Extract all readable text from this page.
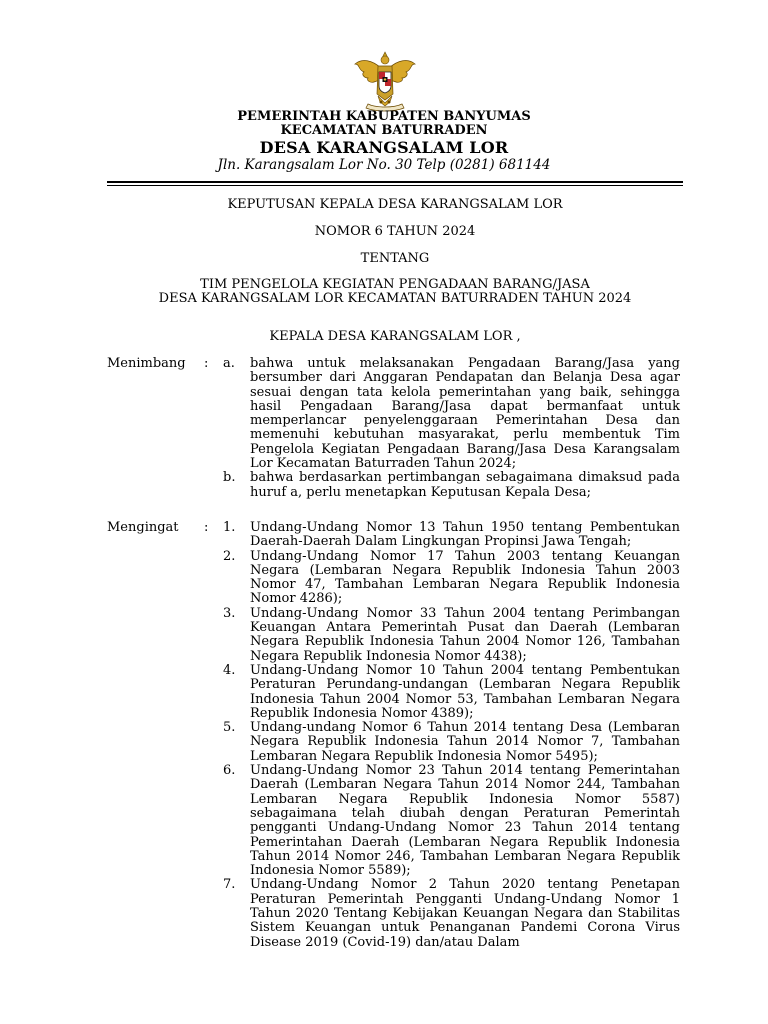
PEMERINTAH KABUPATEN BANYUMAS
KECAMATAN BATURRADEN
DESA KARANGSALAM LOR
Jln. Karangsalam Lor No. 30 Telp (0281) 681144
KEPUTUSAN KEPALA DESA KARANGSALAM LOR
NOMOR 6 TAHUN 2024
TENTANG
TIM PENGELOLA KEGIATAN PENGADAAN BARANG/JASA
DESA KARANGSALAM LOR KECAMATAN BATURRADEN TAHUN 2024
KEPALA DESA KARANGSALAM LOR ,
Menimbang : a. bahwa untuk melaksanakan Pengadaan Barang/Jasa yang bersumber dari Anggaran Pendapatan dan Belanja Desa agar sesuai dengan tata kelola pemerintahan yang baik, sehingga hasil Pengadaan Barang/Jasa dapat bermanfaat untuk memperlancar penyelenggaraan Pemerintahan Desa dan memenuhi kebutuhan masyarakat, perlu membentuk Tim Pengelola Kegiatan Pengadaan Barang/Jasa Desa Karangsalam Lor Kecamatan Baturraden Tahun 2024;
b. bahwa berdasarkan pertimbangan sebagaimana dimaksud pada huruf a, perlu menetapkan Keputusan Kepala Desa;
Mengingat : 1. Undang-Undang Nomor 13 Tahun 1950 tentang Pembentukan Daerah-Daerah Dalam Lingkungan Propinsi Jawa Tengah;
2. Undang-Undang Nomor 17 Tahun 2003 tentang Keuangan Negara (Lembaran Negara Republik Indonesia Tahun 2003 Nomor 47, Tambahan Lembaran Negara Republik Indonesia Nomor 4286);
3. Undang-Undang Nomor 33 Tahun 2004 tentang Perimbangan Keuangan Antara Pemerintah Pusat dan Daerah (Lembaran Negara Republik Indonesia Tahun 2004 Nomor 126, Tambahan Negara Republik Indonesia Nomor 4438);
4. Undang-Undang Nomor 10 Tahun 2004 tentang Pembentukan Peraturan Perundang-undangan (Lembaran Negara Republik Indonesia Tahun 2004 Nomor 53, Tambahan Lembaran Negara Republik Indonesia Nomor 4389);
5. Undang-undang Nomor 6 Tahun 2014 tentang Desa (Lembaran Negara Republik Indonesia Tahun 2014 Nomor 7, Tambahan Lembaran Negara Republik Indonesia Nomor 5495);
6. Undang-Undang Nomor 23 Tahun 2014 tentang Pemerintahan Daerah (Lembaran Negara Tahun 2014 Nomor 244, Tambahan Lembaran Negara Republik Indonesia Nomor 5587) sebagaimana telah diubah dengan Peraturan Pemerintah pengganti Undang-Undang Nomor 23 Tahun 2014 tentang Pemerintahan Daerah (Lembaran Negara Republik Indonesia Tahun 2014 Nomor 246, Tambahan Lembaran Negara Republik Indonesia Nomor 5589);
7. Undang-Undang Nomor 2 Tahun 2020 tentang Penetapan Peraturan Pemerintah Pengganti Undang-Undang Nomor 1 Tahun 2020 Tentang Kebijakan Keuangan Negara dan Stabilitas Sistem Keuangan untuk Penanganan Pandemi Corona Virus Disease 2019 (Covid-19) dan/atau Dalam
